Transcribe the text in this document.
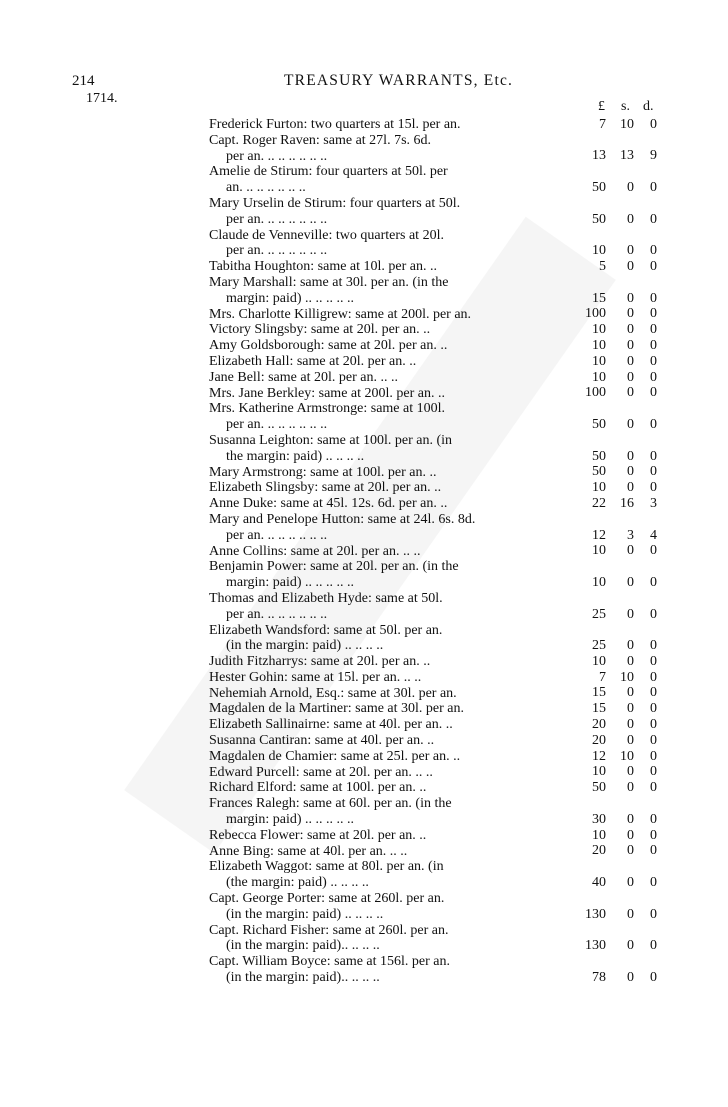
214	TREASURY WARRANTS, Etc.
1714.
£ s. d.
Frederick Furton: two quarters at 15l. per an.	7 10 0
Capt. Roger Raven: same at 27l. 7s. 6d.
per an. .. .. .. .. .. ..	13 13 9
Amelie de Stirum: four quarters at 50l. per
an. .. .. .. .. .. ..	50 0 0
Mary Urselin de Stirum: four quarters at 50l.
per an. .. .. .. .. .. ..	50 0 0
Claude de Venneville: two quarters at 20l.
per an. .. .. .. .. .. ..	10 0 0
Tabitha Houghton: same at 10l. per an. ..	5 0 0
Mary Marshall: same at 30l. per an. (in the
margin: paid) .. .. .. .. ..	15 0 0
Mrs. Charlotte Killigrew: same at 200l. per an.	100 0 0
Victory Slingsby: same at 20l. per an. ..	10 0 0
Amy Goldsborough: same at 20l. per an. ..	10 0 0
Elizabeth Hall: same at 20l. per an. ..	10 0 0
Jane Bell: same at 20l. per an. .. ..	10 0 0
Mrs. Jane Berkley: same at 200l. per an. ..	100 0 0
Mrs. Katherine Armstronge: same at 100l.
per an. .. .. .. .. .. ..	50 0 0
Susanna Leighton: same at 100l. per an. (in
the margin: paid) .. .. .. ..	50 0 0
Mary Armstrong: same at 100l. per an. ..	50 0 0
Elizabeth Slingsby: same at 20l. per an. ..	10 0 0
Anne Duke: same at 45l. 12s. 6d. per an. ..	22 16 3
Mary and Penelope Hutton: same at 24l. 6s. 8d.
per an. .. .. .. .. .. ..	12 3 4
Anne Collins: same at 20l. per an. .. ..	10 0 0
Benjamin Power: same at 20l. per an. (in the
margin: paid) .. .. .. .. ..	10 0 0
Thomas and Elizabeth Hyde: same at 50l.
per an. .. .. .. .. .. ..	25 0 0
Elizabeth Wandsford: same at 50l. per an.
(in the margin: paid) .. .. .. ..	25 0 0
Judith Fitzharrys: same at 20l. per an. ..	10 0 0
Hester Gohin: same at 15l. per an. .. ..	7 10 0
Nehemiah Arnold, Esq.: same at 30l. per an.	15 0 0
Magdalen de la Martiner: same at 30l. per an.	15 0 0
Elizabeth Sallinairne: same at 40l. per an. ..	20 0 0
Susanna Cantiran: same at 40l. per an. ..	20 0 0
Magdalen de Chamier: same at 25l. per an. ..	12 10 0
Edward Purcell: same at 20l. per an. .. ..	10 0 0
Richard Elford: same at 100l. per an. ..	50 0 0
Frances Ralegh: same at 60l. per an. (in the
margin: paid) .. .. .. .. ..	30 0 0
Rebecca Flower: same at 20l. per an. ..	10 0 0
Anne Bing: same at 40l. per an. .. ..	20 0 0
Elizabeth Waggot: same at 80l. per an. (in
(the margin: paid) .. .. .. ..	40 0 0
Capt. George Porter: same at 260l. per an.
(in the margin: paid) .. .. .. ..	130 0 0
Capt. Richard Fisher: same at 260l. per an.
(in the margin: paid).. .. .. ..	130 0 0
Capt. William Boyce: same at 156l. per an.
(in the margin: paid).. .. .. ..	78 0 0
